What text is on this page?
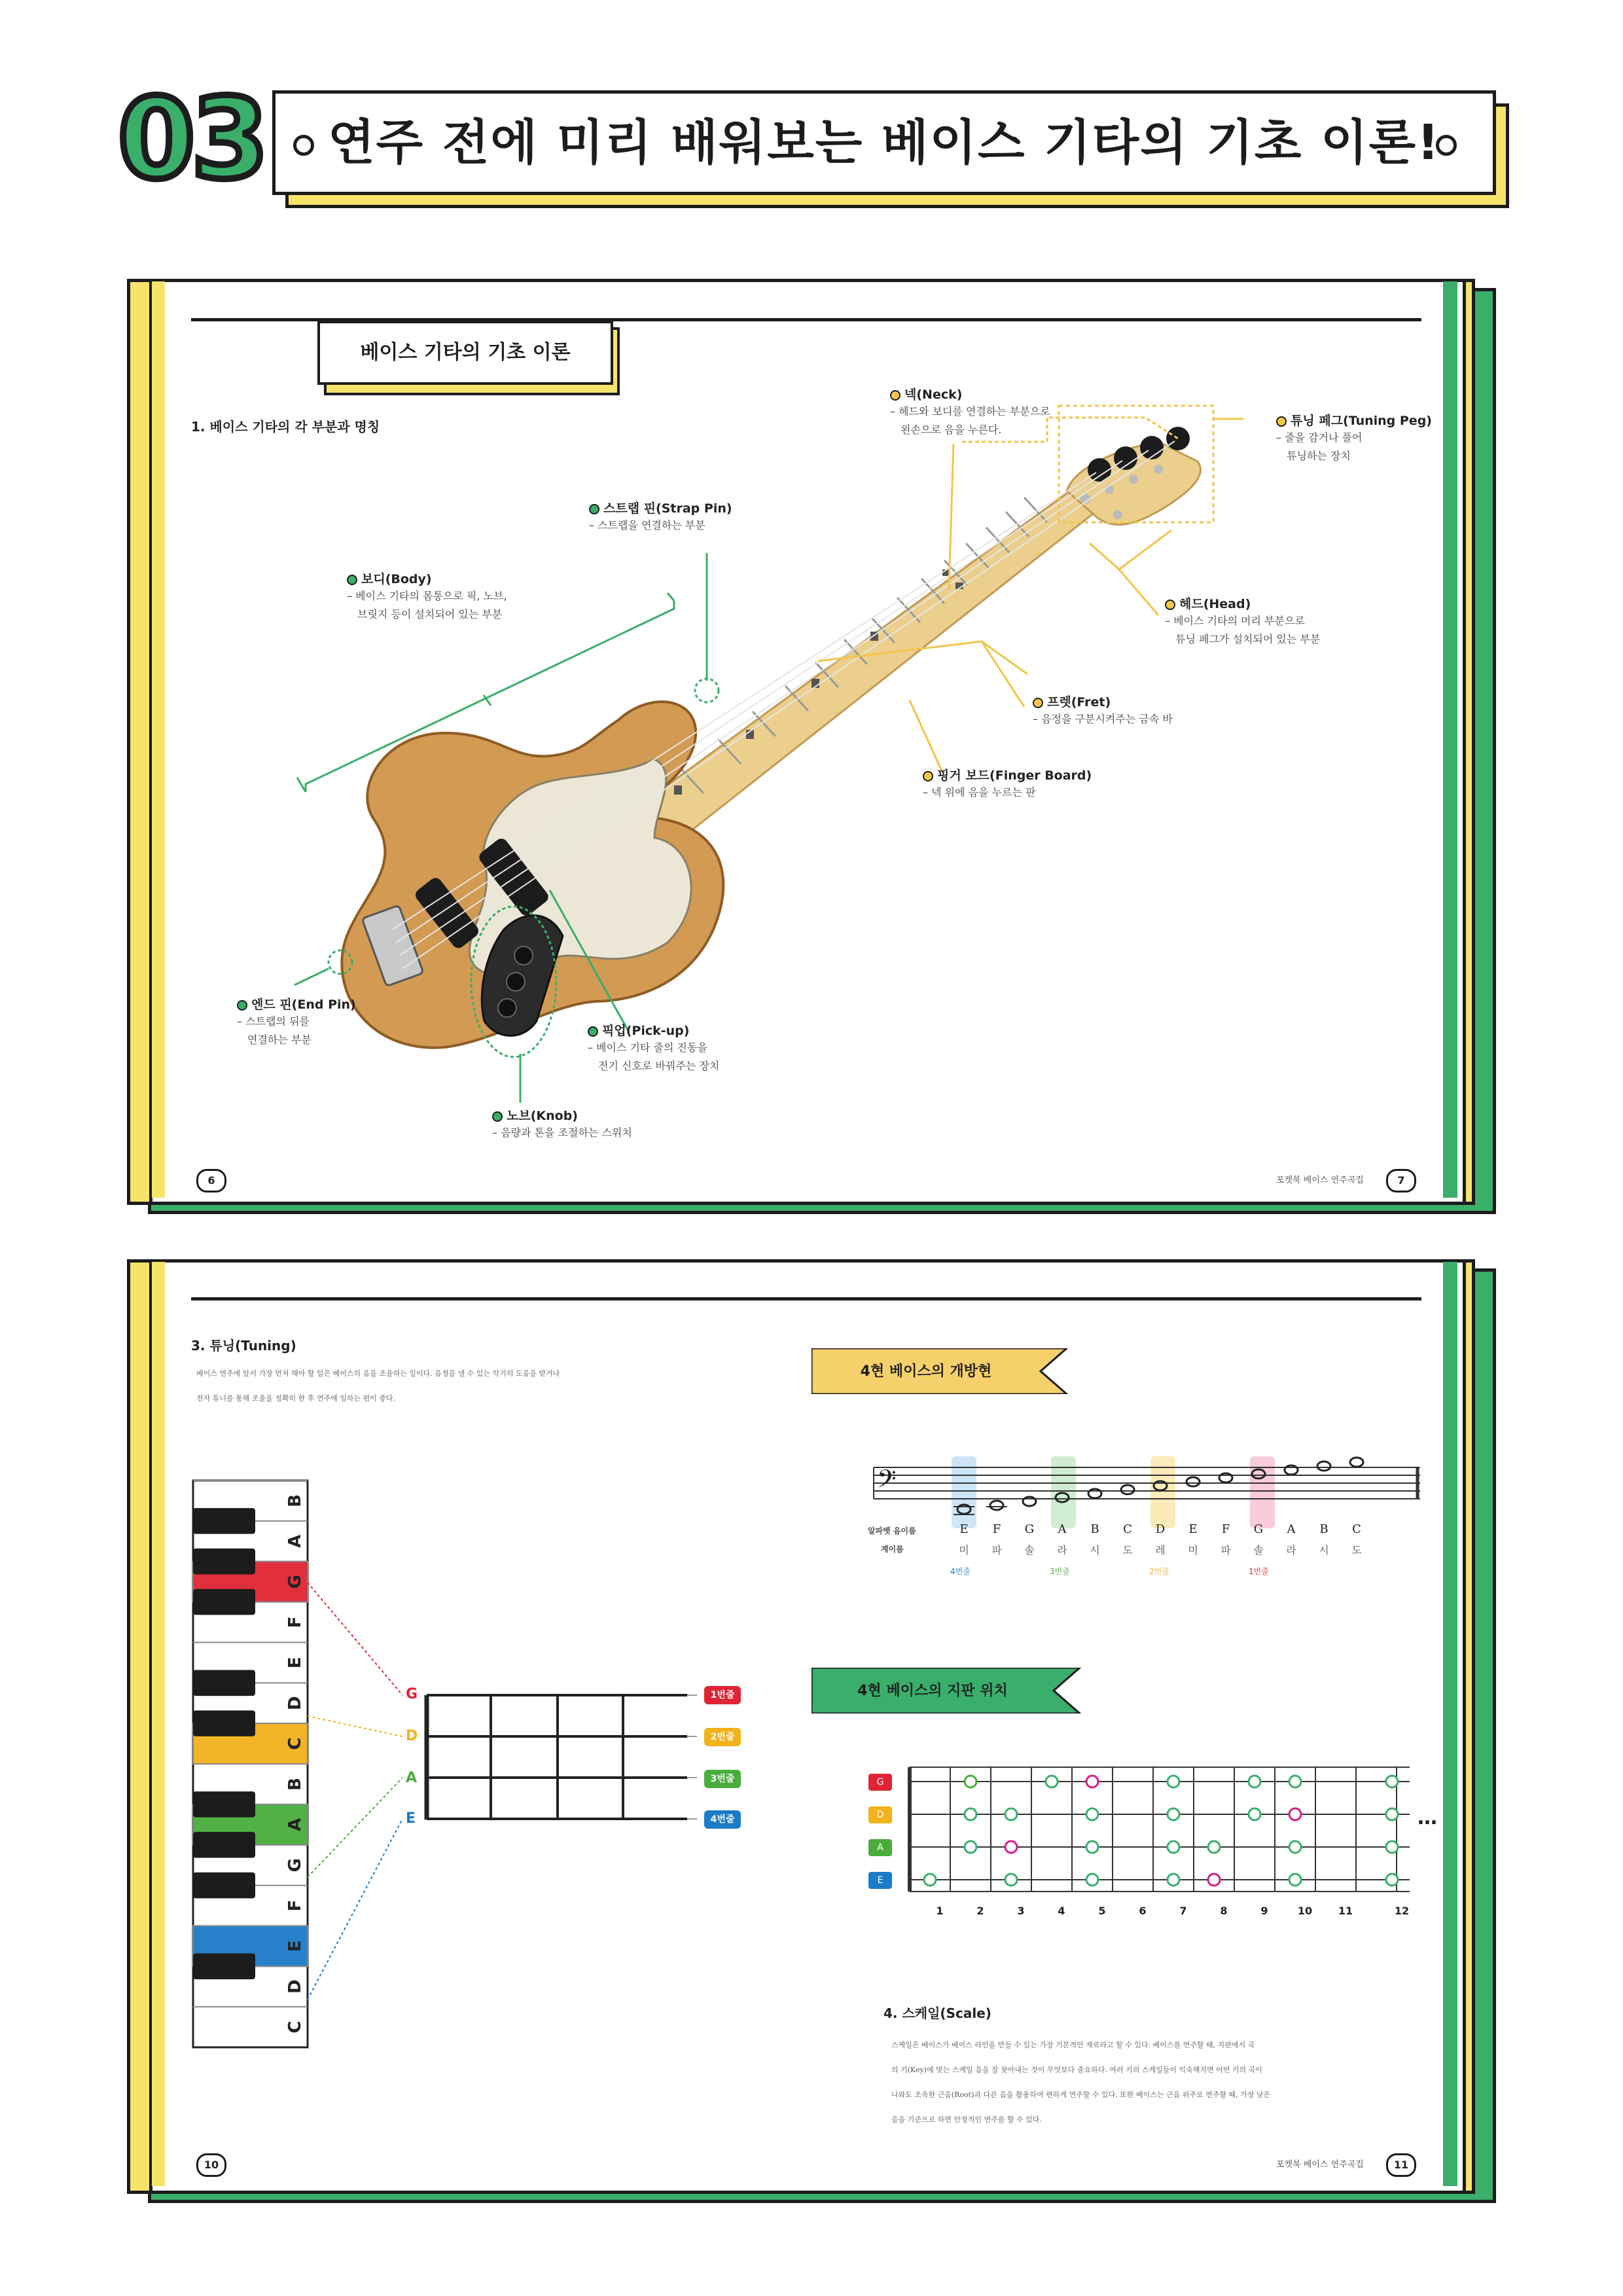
03	연주 전에 미리 배워보는 베이스 기타의 기초 이론!
베이스 기타의 기초 이론
1. 베이스 기타의 각 부분과 명칭
넥(Neck)
– 헤드와 보디를 연결하는 부분으로
왼손으로 음을 누른다.
튜닝 페그(Tuning Peg)
– 줄을 감거나 풀어
튜닝하는 장치
스트랩 핀(Strap Pin)
– 스트랩을 연결하는 부분
보디(Body)
– 베이스 기타의 몸통으로 픽, 노브,
브릿지 등이 설치되어 있는 부분
헤드(Head)
– 베이스 기타의 머리 부분으로
튜닝 페그가 설치되어 있는 부분
프렛(Fret)
– 음정을 구분시켜주는 금속 바
핑거 보드(Finger Board)
– 넥 위에 음을 누르는 판
엔드 핀(End Pin)
– 스트랩의 뒤를
연결하는 부분
픽업(Pick-up)
– 베이스 기타 줄의 진동을
전기 신호로 바꿔주는 장치
노브(Knob)
– 음량과 톤을 조절하는 스위치
6	7
포켓북 베이스 연주곡집
3. 튜닝(Tuning)
베이스 연주에 앞서 가장 먼저 해야 할 일은 베이스의 음을 조율하는 일이다. 음정을 낼 수 있는 악기의 도움을 받거나
전자 튜너를 통해 조율을 정확히 한 후 연주에 임하는 편이 좋다.
B
A
G
F
E
D
C
B
A
G
F
E
D
C
G
D
A
E
1번줄
2번줄
3번줄
4번줄
4현 베이스의 개방현
𝄢
알파벳 음이름
계이름
E
미
F
파
G
솔
A
라
B
시
C
도
D
레
E
미
F
파
G
솔
A
라
B
시
C
도
4번줄	3번줄	2번줄	1번줄
4현 베이스의 지판 위치
G
D
A
E
1	2	3	4	5	6	7	8	9	10 11	12
…
4. 스케일(Scale)
스케일은 베이스가 베이스 라인을 만들 수 있는 가장 기본적인 재료라고 할 수 있다. 베이스를 연주할 때, 지판에서 곡
의 키(Key)에 맞는 스케일 음을 잘 찾아내는 것이 무엇보다 중요하다. 여러 키의 스케일들이 익숙해지면 어떤 키의 곡이
나와도 조속한 근음(Root)과 다른 음을 활용하여 편하게 연주할 수 있다. 또한 베이스는 근음 위주로 연주할 때, 가장 낮은
음을 기준으로 하면 안정적인 연주를 할 수 있다.
10	11
포켓북 베이스 연주곡집
